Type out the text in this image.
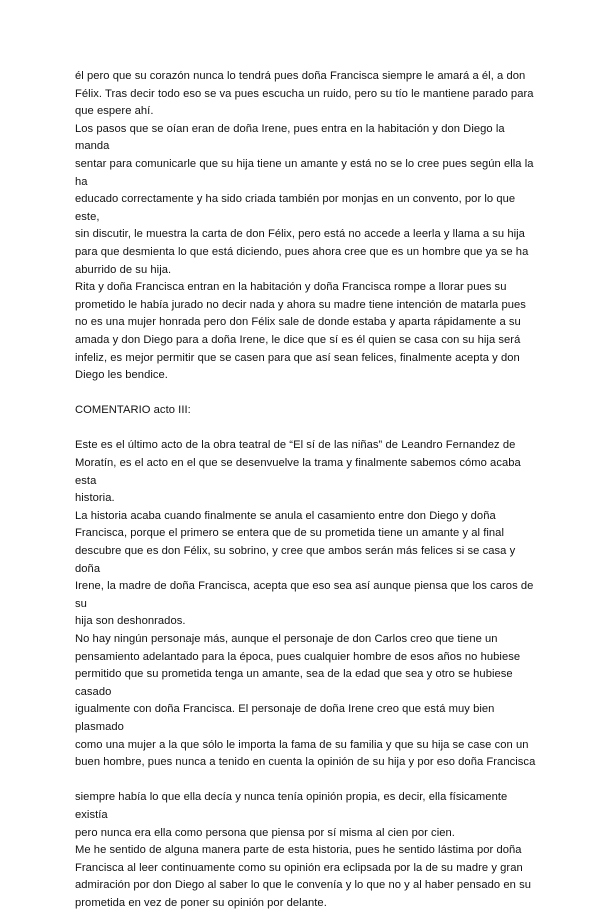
él pero que su corazón nunca lo tendrá pues doña Francisca siempre le amará a él, a don
Félix. Tras decir todo eso se va pues escucha un ruido, pero su tío le mantiene parado para
que espere ahí.
Los pasos que se oían eran de doña Irene, pues entra en la habitación y don Diego la
manda
sentar para comunicarle que su hija tiene un amante y está no se lo cree pues según ella la
ha
educado correctamente y ha sido criada también por monjas en un convento, por lo que
este,
sin discutir, le muestra la carta de don Félix, pero está no accede a leerla y llama a su hija
para que desmienta lo que está diciendo, pues ahora cree que es un hombre que ya se ha
aburrido de su hija.
Rita y doña Francisca entran en la habitación y doña Francisca rompe a llorar pues su
prometido le había jurado no decir nada y ahora su madre tiene intención de matarla pues
no es una mujer honrada pero don Félix sale de donde estaba y aparta rápidamente a su
amada y don Diego para a doña Irene, le dice que sí es él quien se casa con su hija será
infeliz, es mejor permitir que se casen para que así sean felices, finalmente acepta y don
Diego les bendice.
COMENTARIO acto III:
Este es el último acto de la obra teatral de “El sí de las niñas” de Leandro Fernandez de
Moratín, es el acto en el que se desenvuelve la trama y finalmente sabemos cómo acaba
esta
historia.
La historia acaba cuando finalmente se anula el casamiento entre don Diego y doña
Francisca, porque el primero se entera que de su prometida tiene un amante y al final
descubre que es don Félix, su sobrino, y cree que ambos serán más felices si se casa y
doña
Irene, la madre de doña Francisca, acepta que eso sea así aunque piensa que los caros de
su
hija son deshonrados.
No hay ningún personaje más, aunque el personaje de don Carlos creo que tiene un
pensamiento adelantado para la época, pues cualquier hombre de esos años no hubiese
permitido que su prometida tenga un amante, sea de la edad que sea y otro se hubiese
casado
igualmente con doña Francisca. El personaje de doña Irene creo que está muy bien
plasmado
como una mujer a la que sólo le importa la fama de su familia y que su hija se case con un
buen hombre, pues nunca a tenido en cuenta la opinión de su hija y por eso doña Francisca
siempre había lo que ella decía y nunca tenía opinión propia, es decir, ella físicamente
existía
pero nunca era ella como persona que piensa por sí misma al cien por cien.
Me he sentido de alguna manera parte de esta historia, pues he sentido lástima por doña
Francisca al leer continuamente como su opinión era eclipsada por la de su madre y gran
admiración por don Diego al saber lo que le convenía y lo que no y al haber pensado en su
prometida en vez de poner su opinión por delante.
